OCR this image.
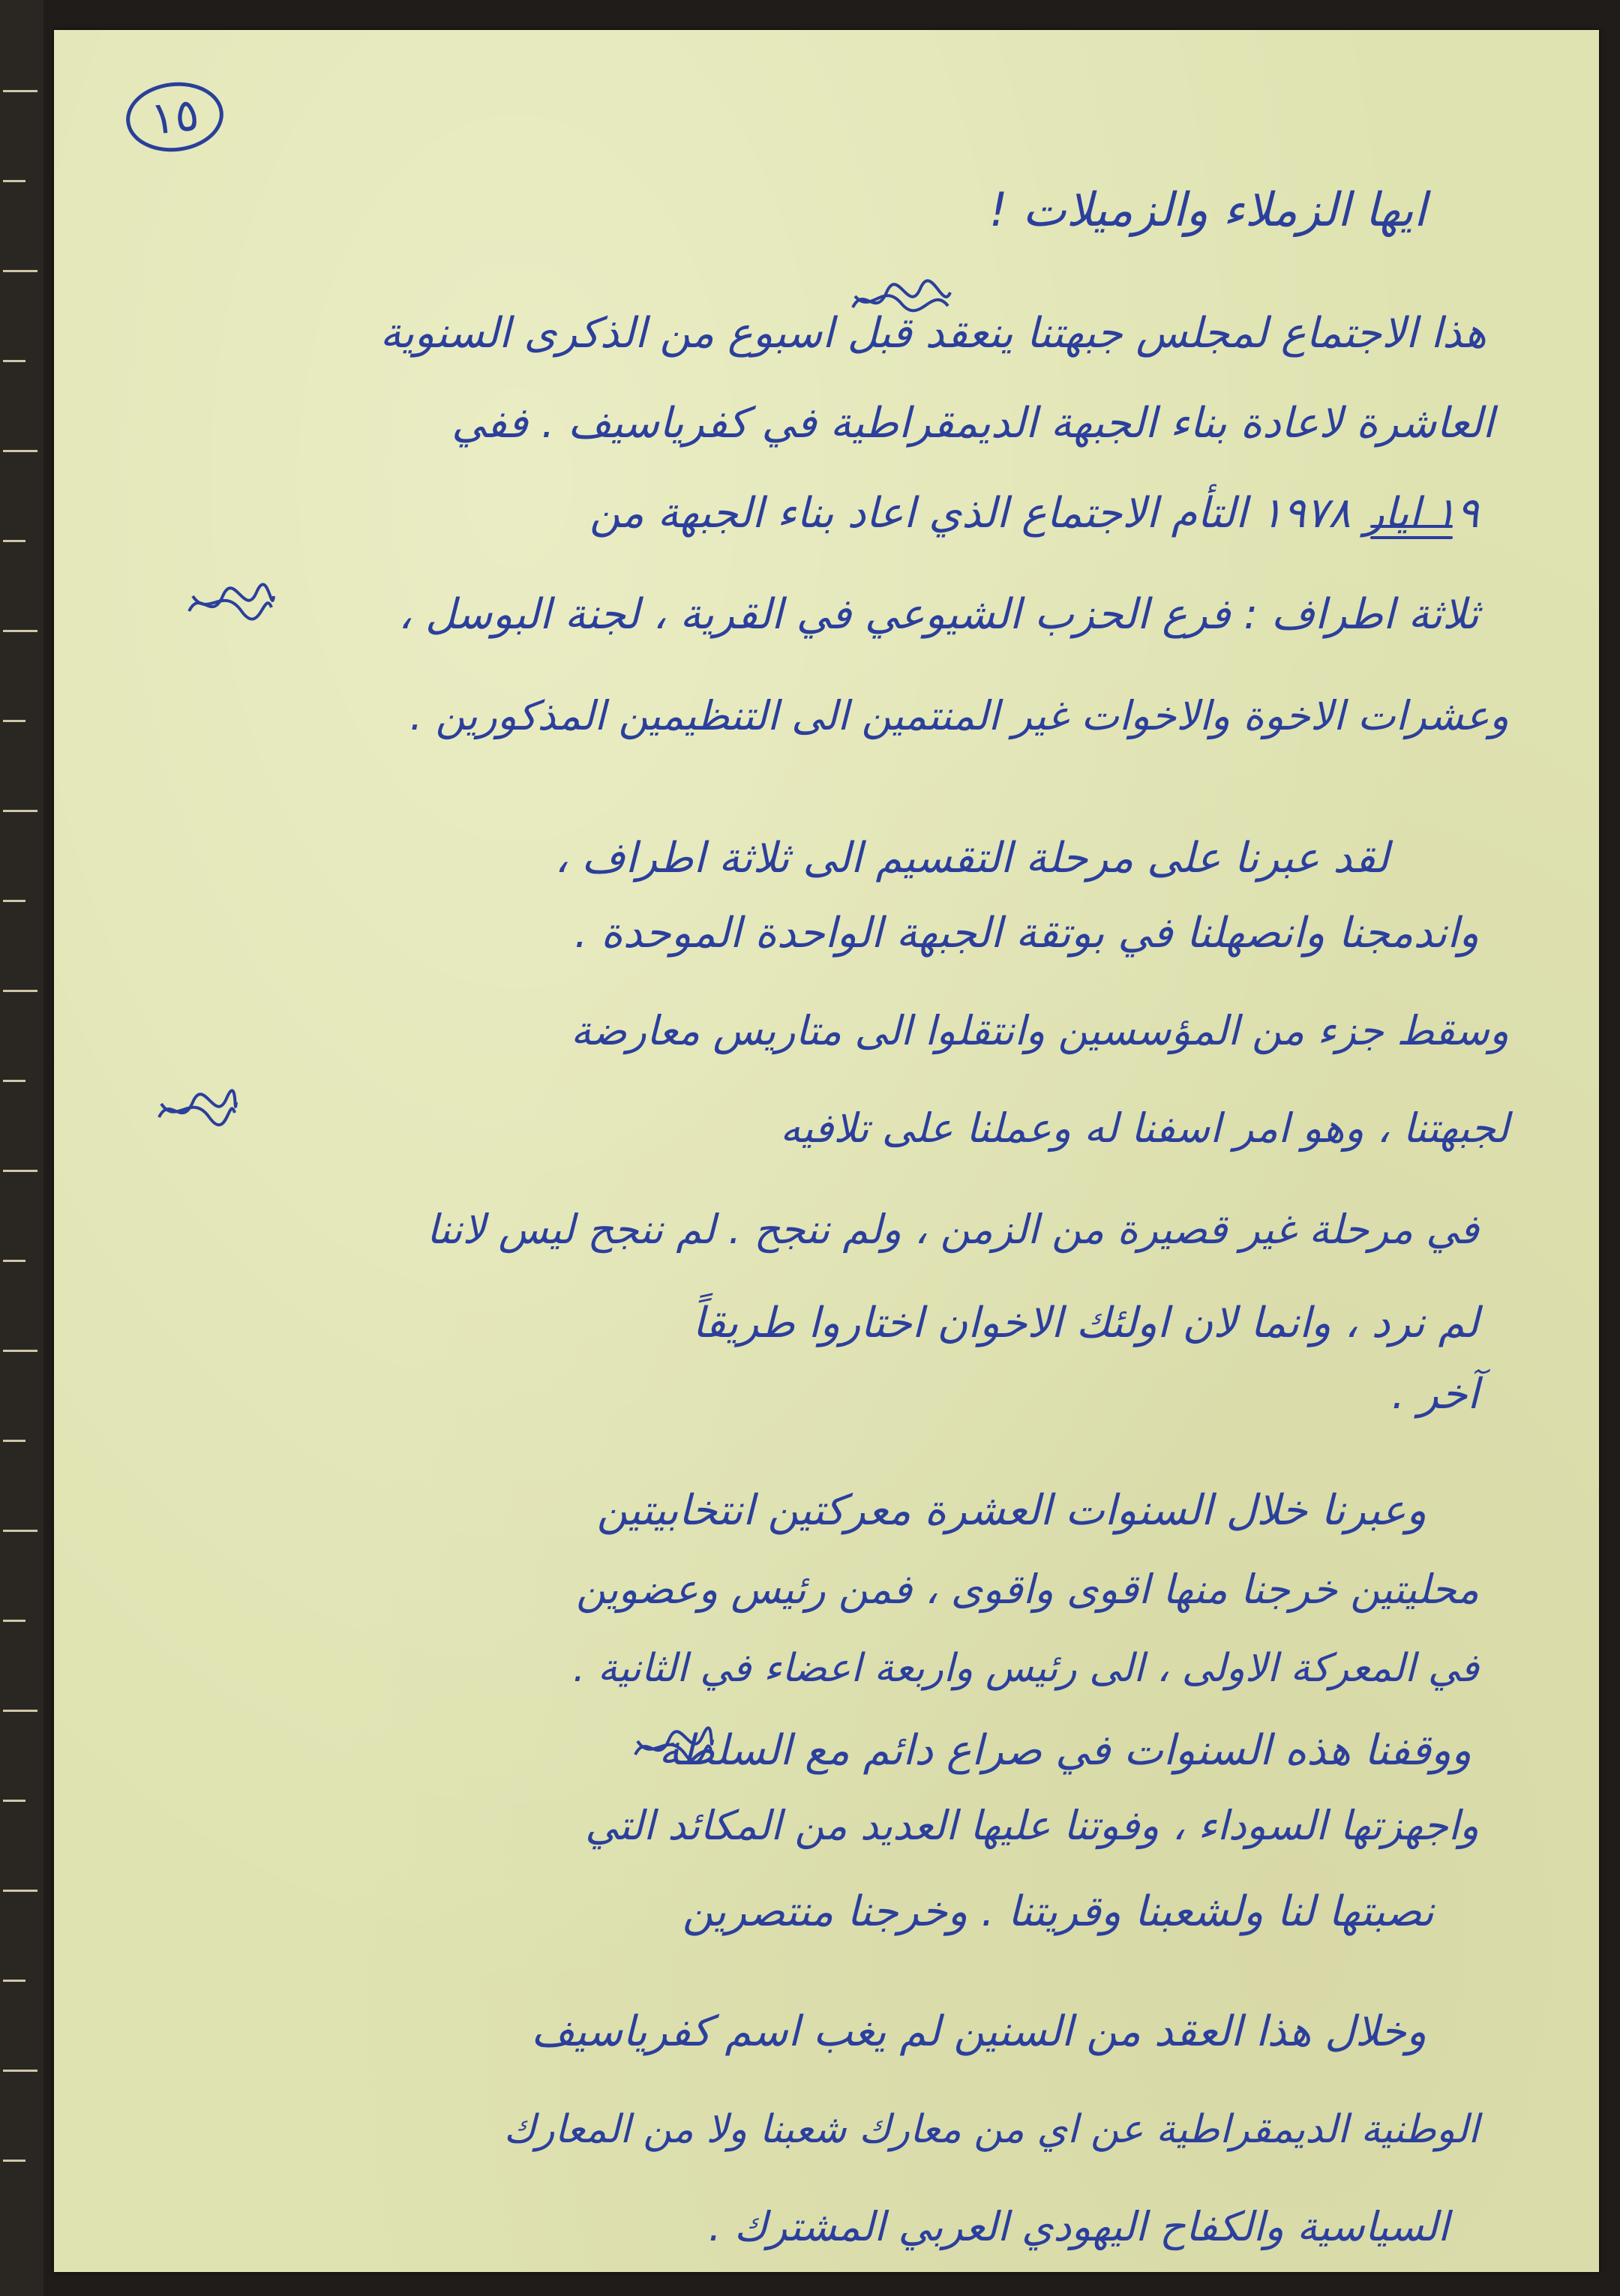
١٥
ايها الزملاء والزميلات !
هذا الاجتماع لمجلس جبهتنا ينعقد قبل اسبوع من الذكرى السنوية
العاشرة لاعادة بناء الجبهة الديمقراطية في كفرياسيف . ففي
١٩ ايار ١٩٧٨ التأم الاجتماع الذي اعاد بناء الجبهة من
ثلاثة اطراف : فرع الحزب الشيوعي في القرية ، لجنة البوسل ،
وعشرات الاخوة والاخوات غير المنتمين الى التنظيمين المذكورين .
لقد عبرنا على مرحلة التقسيم الى ثلاثة اطراف ،
واندمجنا وانصهلنا في بوتقة الجبهة الواحدة الموحدة .
وسقط جزء من المؤسسين وانتقلوا الى متاريس معارضة
لجبهتنا ، وهو امر اسفنا له وعملنا على تلافيه
في مرحلة غير قصيرة من الزمن ، ولم ننجح . لم ننجح ليس لاننا
لم نرد ، وانما لان اولئك الاخوان اختاروا طريقاً
آخر .
وعبرنا خلال السنوات العشرة معركتين انتخابيتين
محليتين خرجنا منها اقوى واقوى ، فمن رئيس وعضوين
في المعركة الاولى ، الى رئيس واربعة اعضاء في الثانية .
ووقفنا هذه السنوات في صراع دائم مع السلطة
واجهزتها السوداء ، وفوتنا عليها العديد من المكائد التي
نصبتها لنا ولشعبنا وقريتنا . وخرجنا منتصرين
وخلال هذا العقد من السنين لم يغب اسم كفرياسيف
الوطنية الديمقراطية عن اي من معارك شعبنا ولا من المعارك
السياسية والكفاح اليهودي العربي المشترك .
